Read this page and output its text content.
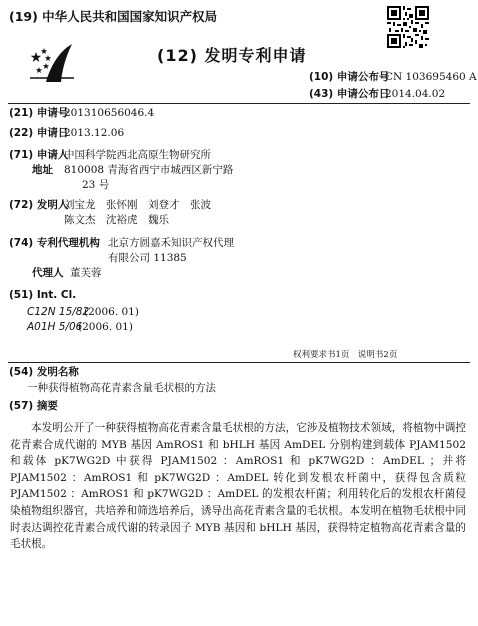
(19) 中华人民共和国国家知识产权局
(12) 发明专利申请
(10) 申请公布号
CN 103695460 A
(43) 申请公布日
2014.04.02
(21) 申请号
201310656046.4
(22) 申请日
2013.12.06
(71) 申请人
中国科学院西北高原生物研究所
地址 810008 青海省西宁市城西区新宁路
23 号
(72) 发明人
刘宝龙　张怀刚　刘登才　张波
陈文杰　沈裕虎　魏乐
(74) 专利代理机构 北京方圆嘉禾知识产权代理
有限公司 11385
代理人 董芙蓉
(51) Int. Cl.
C12N 15/82
(2006. 01)
A01H 5/06
(2006. 01)
权利要求书1页　说明书2页
(54) 发明名称
一种获得植物高花青素含量毛状根的方法
(57) 摘要
本发明公开了一种获得植物高花青素含量毛状根的方法，它涉及植物技术领域，将植物中调控花青素合成代谢的 MYB 基因 AmROS1 和 bHLH 基因 AmDEL 分别构建到载体 PJAM1502 和载体 pK7WG2D 中获得 PJAM1502 ：AmROS1 和 pK7WG2D ：AmDEL ；并将 PJAM1502 ：AmROS1 和 pK7WG2D ：AmDEL 转化到发根农杆菌中，获得包含质粒 PJAM1502 ：AmROS1 和 pK7WG2D ：AmDEL 的发根农杆菌；利用转化后的发根农杆菌侵染植物组织器官，共培养和筛选培养后，诱导出高花青素含量的毛状根。本发明在植物毛状根中同时表达调控花青素合成代谢的转录因子 MYB 基因和 bHLH 基因，获得特定植物高花青素含量的毛状根。
